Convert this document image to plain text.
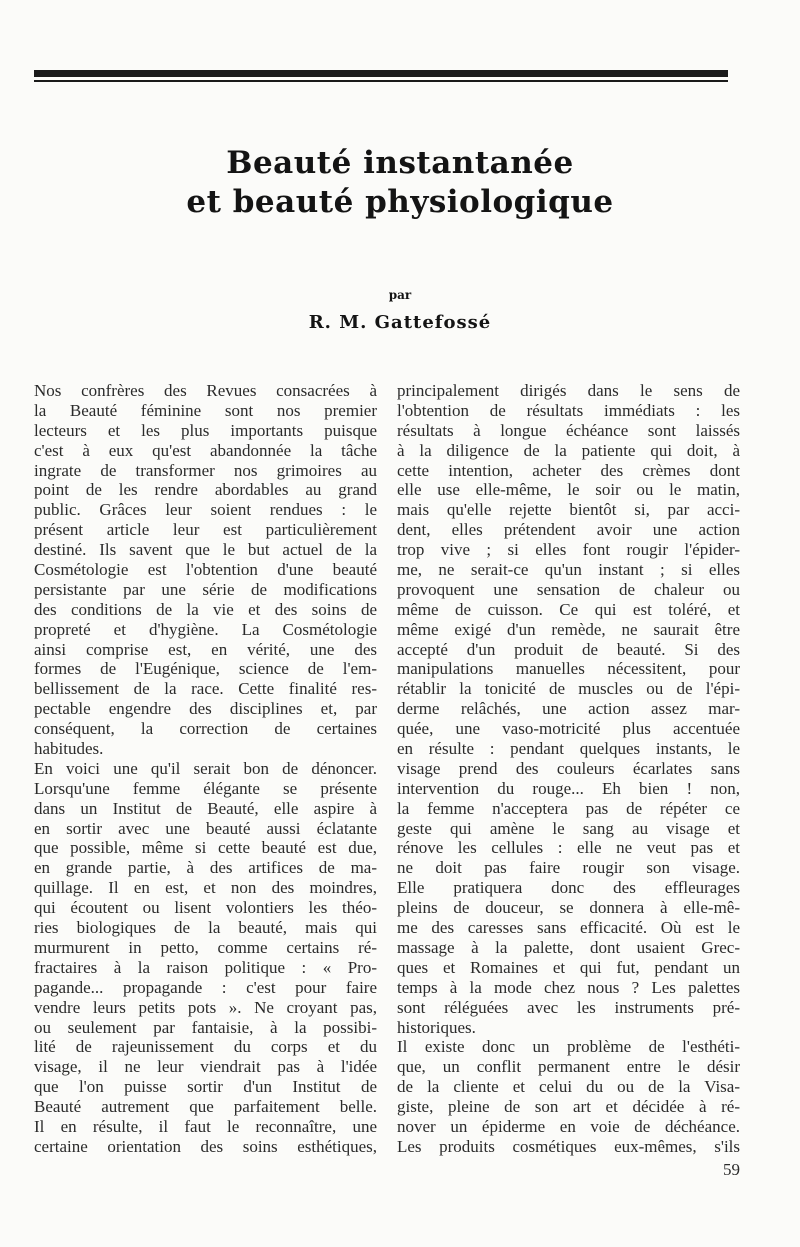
Beauté instantanée
et beauté physiologique
par
R. M. Gattefossé
Nos confrères des Revues consacrées à
la Beauté féminine sont nos premier
lecteurs et les plus importants puisque
c'est à eux qu'est abandonnée la tâche
ingrate de transformer nos grimoires au
point de les rendre abordables au grand
public. Grâces leur soient rendues : le
présent article leur est particulièrement
destiné. Ils savent que le but actuel de la
Cosmétologie est l'obtention d'une beauté
persistante par une série de modifications
des conditions de la vie et des soins de
propreté et d'hygiène. La Cosmétologie
ainsi comprise est, en vérité, une des
formes de l'Eugénique, science de l'em-
bellissement de la race. Cette finalité res-
pectable engendre des disciplines et, par
conséquent, la correction de certaines
habitudes.
En voici une qu'il serait bon de dénoncer.
Lorsqu'une femme élégante se présente
dans un Institut de Beauté, elle aspire à
en sortir avec une beauté aussi éclatante
que possible, même si cette beauté est due,
en grande partie, à des artifices de ma-
quillage. Il en est, et non des moindres,
qui écoutent ou lisent volontiers les théo-
ries biologiques de la beauté, mais qui
murmurent in petto, comme certains ré-
fractaires à la raison politique : « Pro-
pagande... propagande : c'est pour faire
vendre leurs petits pots ». Ne croyant pas,
ou seulement par fantaisie, à la possibi-
lité de rajeunissement du corps et du
visage, il ne leur viendrait pas à l'idée
que l'on puisse sortir d'un Institut de
Beauté autrement que parfaitement belle.
Il en résulte, il faut le reconnaître, une
certaine orientation des soins esthétiques,
principalement dirigés dans le sens de
l'obtention de résultats immédiats : les
résultats à longue échéance sont laissés
à la diligence de la patiente qui doit, à
cette intention, acheter des crèmes dont
elle use elle-même, le soir ou le matin,
mais qu'elle rejette bientôt si, par acci-
dent, elles prétendent avoir une action
trop vive ; si elles font rougir l'épider-
me, ne serait-ce qu'un instant ; si elles
provoquent une sensation de chaleur ou
même de cuisson. Ce qui est toléré, et
même exigé d'un remède, ne saurait être
accepté d'un produit de beauté. Si des
manipulations manuelles nécessitent, pour
rétablir la tonicité de muscles ou de l'épi-
derme relâchés, une action assez mar-
quée, une vaso-motricité plus accentuée
en résulte : pendant quelques instants, le
visage prend des couleurs écarlates sans
intervention du rouge... Eh bien ! non,
la femme n'acceptera pas de répéter ce
geste qui amène le sang au visage et
rénove les cellules : elle ne veut pas et
ne doit pas faire rougir son visage.
Elle pratiquera donc des effleurages
pleins de douceur, se donnera à elle-mê-
me des caresses sans efficacité. Où est le
massage à la palette, dont usaient Grec-
ques et Romaines et qui fut, pendant un
temps à la mode chez nous ? Les palettes
sont réléguées avec les instruments pré-
historiques.
Il existe donc un problème de l'esthéti-
que, un conflit permanent entre le désir
de la cliente et celui du ou de la Visa-
giste, pleine de son art et décidée à ré-
nover un épiderme en voie de déchéance.
Les produits cosmétiques eux-mêmes, s'ils
59
